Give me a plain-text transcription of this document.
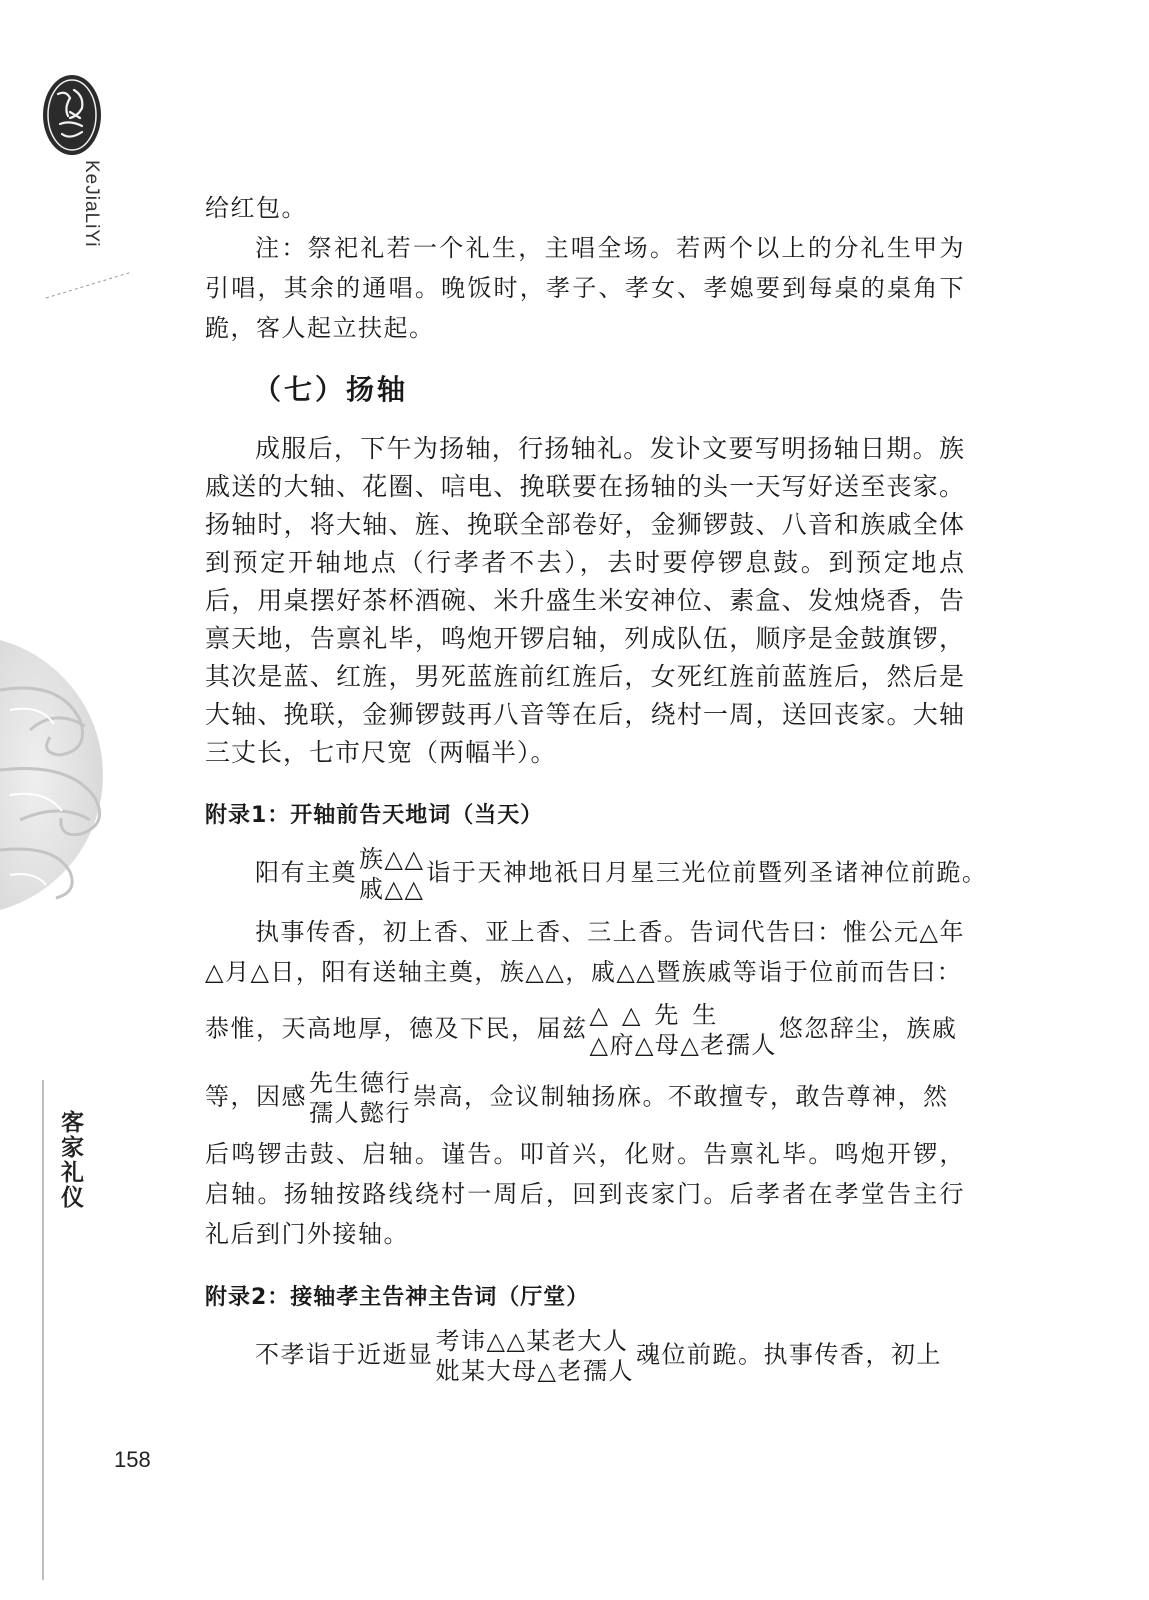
KeJiaLiYi
客家礼仪
158

给红包。

注：祭祀礼若一个礼生，主唱全场。若两个以上的分礼生甲为引唱，其余的通唱。晚饭时，孝子、孝女、孝媳要到每桌的桌角下跪，客人起立扶起。

（七）扬轴

成服后，下午为扬轴，行扬轴礼。发讣文要写明扬轴日期。族戚送的大轴、花圈、唁电、挽联要在扬轴的头一天写好送至丧家。扬轴时，将大轴、旌、挽联全部卷好，金狮锣鼓、八音和族戚全体到预定开轴地点（行孝者不去），去时要停锣息鼓。到预定地点后，用桌摆好茶杯酒碗、米升盛生米安神位、素盒、发烛烧香，告禀天地，告禀礼毕，鸣炮开锣启轴，列成队伍，顺序是金鼓旗锣，其次是蓝、红旌，男死蓝旌前红旌后，女死红旌前蓝旌后，然后是大轴、挽联，金狮锣鼓再八音等在后，绕村一周，送回丧家。大轴三丈长，七市尺宽（两幅半）。

附录1：开轴前告天地词（当天）

阳有主奠 族△△
戚△△
诣于天神地祇日月星三光位前暨列圣诸神位前跪。

执事传香，初上香、亚上香、三上香。告词代告曰：惟公元△年△月△日，阳有送轴主奠，族△△，戚△△暨族戚等诣于位前而告曰：

恭惟，天高地厚，德及下民，届兹 △△先生
△府△母△老孺人
悠忽辞尘，族戚
等，因感 先生德行
孺人懿行
崇高，佥议制轴扬庥。不敢擅专，敢告尊神，然

后鸣锣击鼓、启轴。谨告。叩首兴，化财。告禀礼毕。鸣炮开锣，启轴。扬轴按路线绕村一周后，回到丧家门。后孝者在孝堂告主行礼后到门外接轴。

附录2：接轴孝主告神主告词（厅堂）

不孝诣于近逝显 考讳△△某老大人
妣某大母△老孺人
魂位前跪。执事传香，初上
